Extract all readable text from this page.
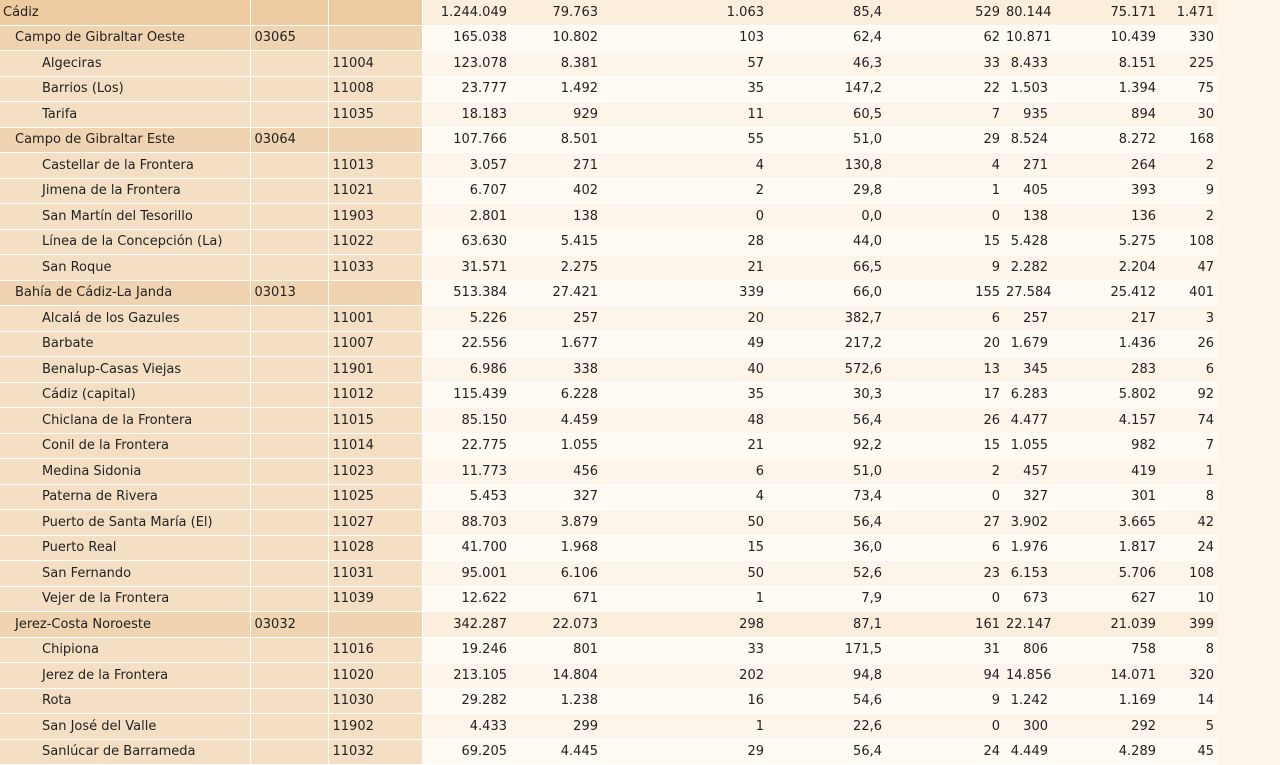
Cádiz			1.244.049	79.763	1.063	85,4	529	80.144	75.171	1.471
Campo de Gibraltar Oeste	03065		165.038	10.802	103	62,4	62	10.871	10.439	330
Algeciras		11004	123.078	8.381	57	46,3	33	8.433	8.151	225
Barrios (Los)		11008	23.777	1.492	35	147,2	22	1.503	1.394	75
Tarifa		11035	18.183	929	11	60,5	7	935	894	30
Campo de Gibraltar Este	03064		107.766	8.501	55	51,0	29	8.524	8.272	168
Castellar de la Frontera		11013	3.057	271	4	130,8	4	271	264	2
Jimena de la Frontera		11021	6.707	402	2	29,8	1	405	393	9
San Martín del Tesorillo		11903	2.801	138	0	0,0	0	138	136	2
Línea de la Concepción (La)		11022	63.630	5.415	28	44,0	15	5.428	5.275	108
San Roque		11033	31.571	2.275	21	66,5	9	2.282	2.204	47
Bahía de Cádiz-La Janda	03013		513.384	27.421	339	66,0	155	27.584	25.412	401
Alcalá de los Gazules		11001	5.226	257	20	382,7	6	257	217	3
Barbate		11007	22.556	1.677	49	217,2	20	1.679	1.436	26
Benalup-Casas Viejas		11901	6.986	338	40	572,6	13	345	283	6
Cádiz (capital)		11012	115.439	6.228	35	30,3	17	6.283	5.802	92
Chiclana de la Frontera		11015	85.150	4.459	48	56,4	26	4.477	4.157	74
Conil de la Frontera		11014	22.775	1.055	21	92,2	15	1.055	982	7
Medina Sidonia		11023	11.773	456	6	51,0	2	457	419	1
Paterna de Rivera		11025	5.453	327	4	73,4	0	327	301	8
Puerto de Santa María (El)		11027	88.703	3.879	50	56,4	27	3.902	3.665	42
Puerto Real		11028	41.700	1.968	15	36,0	6	1.976	1.817	24
San Fernando		11031	95.001	6.106	50	52,6	23	6.153	5.706	108
Vejer de la Frontera		11039	12.622	671	1	7,9	0	673	627	10
Jerez-Costa Noroeste	03032		342.287	22.073	298	87,1	161	22.147	21.039	399
Chipiona		11016	19.246	801	33	171,5	31	806	758	8
Jerez de la Frontera		11020	213.105	14.804	202	94,8	94	14.856	14.071	320
Rota		11030	29.282	1.238	16	54,6	9	1.242	1.169	14
San José del Valle		11902	4.433	299	1	22,6	0	300	292	5
Sanlúcar de Barrameda		11032	69.205	4.445	29	56,4	24	4.449	4.289	45
